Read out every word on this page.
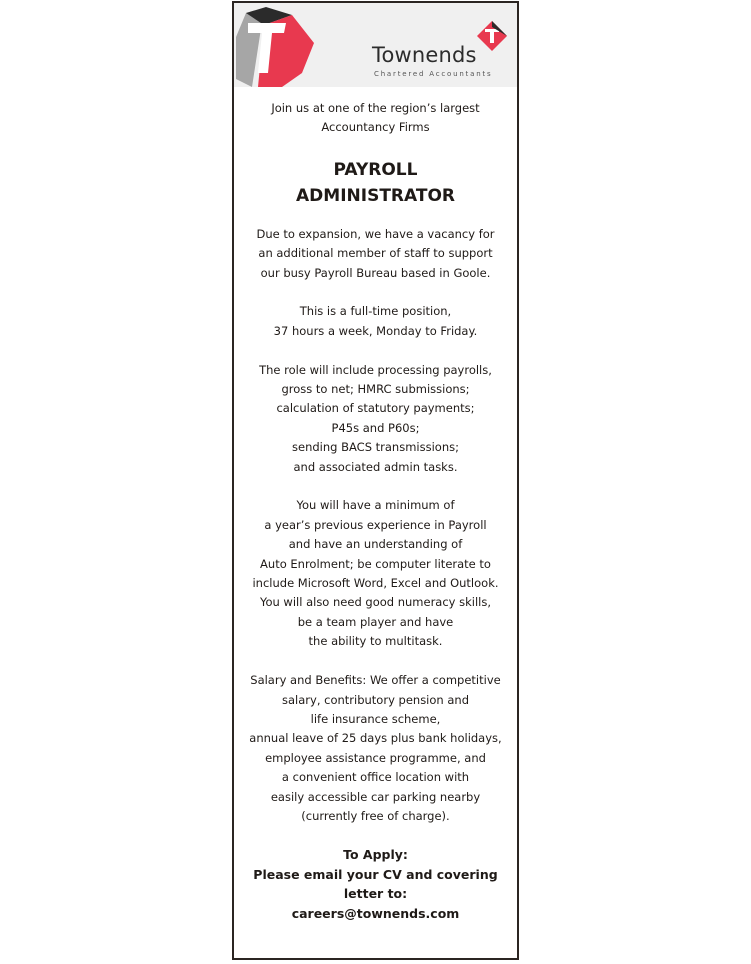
Townends
Chartered Accountants
Join us at one of the region’s largest
Accountancy Firms
PAYROLL
ADMINISTRATOR
Due to expansion, we have a vacancy for
an additional member of staff to support
our busy Payroll Bureau based in Goole.
This is a full-time position,
37 hours a week, Monday to Friday.
The role will include processing payrolls,
gross to net; HMRC submissions;
calculation of statutory payments;
P45s and P60s;
sending BACS transmissions;
and associated admin tasks.
You will have a minimum of
a year’s previous experience in Payroll
and have an understanding of
Auto Enrolment; be computer literate to
include Microsoft Word, Excel and Outlook.
You will also need good numeracy skills,
be a team player and have
the ability to multitask.
Salary and Benefits: We offer a competitive
salary, contributory pension and
life insurance scheme,
annual leave of 25 days plus bank holidays,
employee assistance programme, and
a convenient office location with
easily accessible car parking nearby
(currently free of charge).
To Apply:
Please email your CV and covering
letter to:
careers@townends.com
